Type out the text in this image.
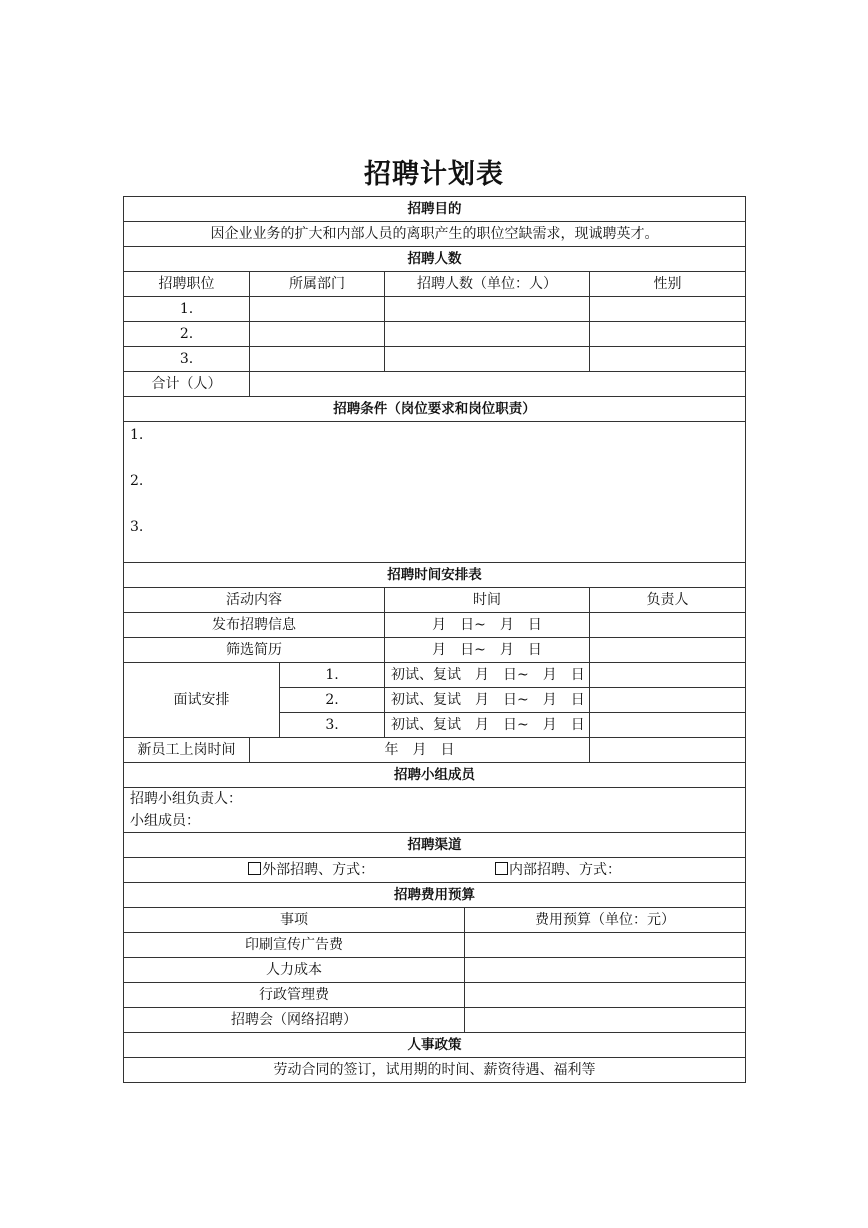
招聘计划表
招聘目的					
因企业业务的扩大和内部人员的离职产生的职位空缺需求，现诚聘英才。					
招聘人数					
招聘职位	所属部门		招聘人数（单位：人）		性别
1.					
2.					
3.					
合计（人）					
招聘条件（岗位要求和岗位职责）					

1.
2.
3.					

招聘时间安排表					
活动内容			时间		负责人
发布招聘信息			月　日~　月　日		
筛选简历			月　日~　月　日		
面试安排		1.	初试、复试　月　日~　月　日		
		2.	初试、复试　月　日~　月　日		
		3.	初试、复试　月　日~　月　日		
新员工上岗时间	年　月　日				
招聘小组成员					

招聘小组负责人：
小组成员：					

招聘渠道					
外部招聘、方式： 内部招聘、方式：					
招聘费用预算					
事项				费用预算（单位：元）	
印刷宣传广告费					
人力成本					
行政管理费					
招聘会（网络招聘）					
人事政策					
劳动合同的签订，试用期的时间、薪资待遇、福利等					
